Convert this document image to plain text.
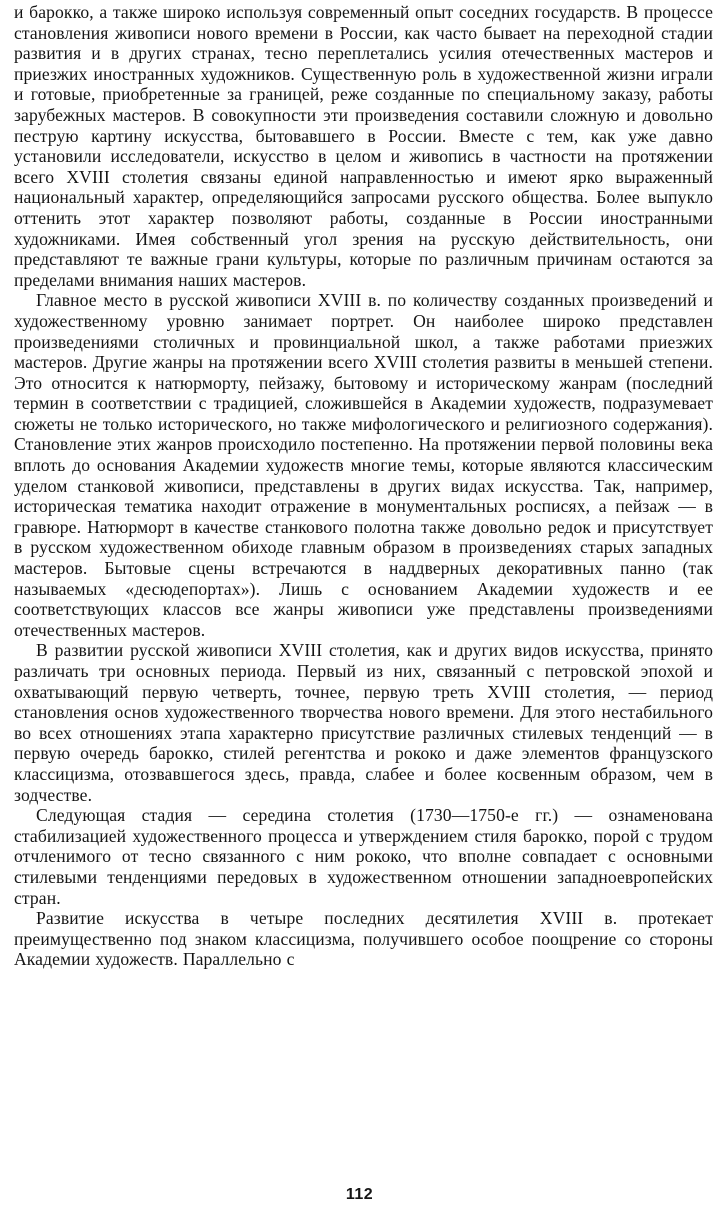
и барокко, а также широко используя современный опыт соседних государств. В процессе становления живописи нового времени в России, как часто бывает на переходной стадии развития и в других странах, тесно переплетались усилия отечественных мастеров и приезжих иностранных художников. Существенную роль в художественной жизни играли и готовые, приобретенные за границей, реже созданные по специальному заказу, работы зарубежных мастеров. В совокупности эти произведения составили сложную и довольно пеструю картину искусства, бытовавшего в России. Вместе с тем, как уже давно установили исследователи, искусство в целом и живопись в частности на протяжении всего XVIII столетия связаны единой направленностью и имеют ярко выраженный национальный характер, определяющийся запросами русского общества. Более выпукло оттенить этот характер позволяют работы, созданные в России иностранными художниками. Имея собственный угол зрения на русскую действительность, они представляют те важные грани культуры, которые по различным причинам остаются за пределами внимания наших мастеров.

Главное место в русской живописи XVIII в. по количеству созданных произведений и художественному уровню занимает портрет. Он наиболее широко представлен произведениями столичных и провинциальной школ, а также работами приезжих мастеров. Другие жанры на протяжении всего XVIII столетия развиты в меньшей степени. Это относится к натюрморту, пейзажу, бытовому и историческому жанрам (последний термин в соответствии с традицией, сложившейся в Академии художеств, подразумевает сюжеты не только исторического, но также мифологического и религиозного содержания). Становление этих жанров происходило постепенно. На протяжении первой половины века вплоть до основания Академии художеств многие темы, которые являются классическим уделом станковой живописи, представлены в других видах искусства. Так, например, историческая тематика находит отражение в монументальных росписях, а пейзаж — в гравюре. Натюрморт в качестве станкового полотна также довольно редок и присутствует в русском художественном обиходе главным образом в произведениях старых западных мастеров. Бытовые сцены встречаются в наддверных декоративных панно (так называемых «десюдепортах»). Лишь с основанием Академии художеств и ее соответствующих классов все жанры живописи уже представлены произведениями отечественных мастеров.

В развитии русской живописи XVIII столетия, как и других видов искусства, принято различать три основных периода. Первый из них, связанный с петровской эпохой и охватывающий первую четверть, точнее, первую треть XVIII столетия, — период становления основ художественного творчества нового времени. Для этого нестабильного во всех отношениях этапа характерно присутствие различных стилевых тенденций — в первую очередь барокко, стилей регентства и рококо и даже элементов французского классицизма, отозвавшегося здесь, правда, слабее и более косвенным образом, чем в зодчестве.

Следующая стадия — середина столетия (1730—1750-е гг.) — ознаменована стабилизацией художественного процесса и утверждением стиля барокко, порой с трудом отчленимого от тесно связанного с ним рококо, что вполне совпадает с основными стилевыми тенденциями передовых в художественном отношении западноевропейских стран.

Развитие искусства в четыре последних десятилетия XVIII в. протекает преимущественно под знаком классицизма, получившего особое поощрение со стороны Академии художеств. Параллельно с

112
